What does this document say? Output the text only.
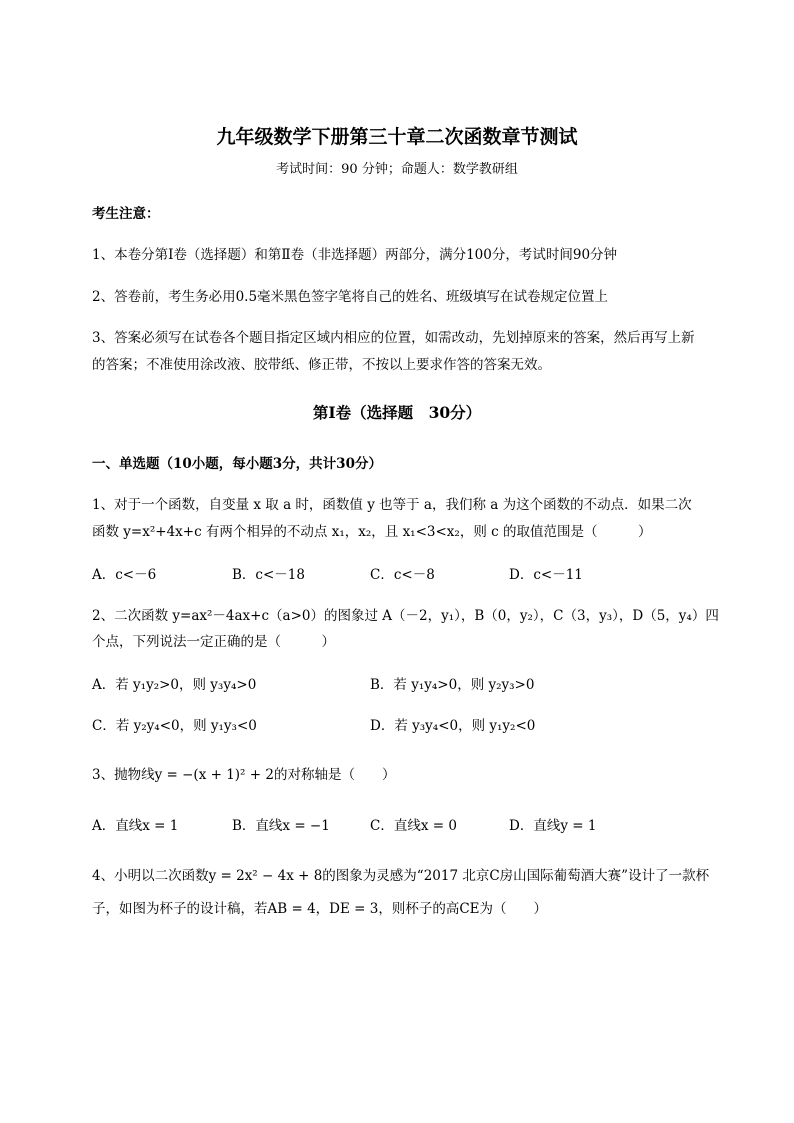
九年级数学下册第三十章二次函数章节测试
考试时间：90 分钟；命题人：数学教研组
考生注意：
1、本卷分第Ⅰ卷（选择题）和第Ⅱ卷（非选择题）两部分，满分100分，考试时间90分钟
2、答卷前，考生务必用0.5毫米黑色签字笔将自己的姓名、班级填写在试卷规定位置上
3、答案必须写在试卷各个题目指定区域内相应的位置，如需改动，先划掉原来的答案，然后再写上新
的答案；不准使用涂改液、胶带纸、修正带，不按以上要求作答的答案无效。
第Ⅰ卷（选择题　30分）
一、单选题（10小题，每小题3分，共计30分）
1、对于一个函数，自变量 x 取 a 时，函数值 y 也等于 a，我们称 a 为这个函数的不动点．如果二次
函数 y=x²+4x+c 有两个相异的不动点 x₁，x₂，且 x₁<3<x₂，则 c 的取值范围是（　　　）
A．c<－6	B．c<－18	C．c<－8	D．c<－11
2、二次函数 y=ax²－4ax+c（a>0）的图象过 A（－2，y₁），B（0，y₂），C（3，y₃），D（5，y₄）四
个点，下列说法一定正确的是（　　　）
A．若 y₁y₂>0，则 y₃y₄>0	B．若 y₁y₄>0，则 y₂y₃>0
C．若 y₂y₄<0，则 y₁y₃<0	D．若 y₃y₄<0，则 y₁y₂<0
3、抛物线y = −(x + 1)² + 2的对称轴是（　　）
A．直线x = 1	B．直线x = −1	C．直线x = 0	D．直线y = 1
4、小明以二次函数y = 2x² − 4x + 8的图象为灵感为“2017 北京C房山国际葡萄酒大赛”设计了一款杯
子，如图为杯子的设计稿，若AB = 4，DE = 3，则杯子的高CE为（　　）
